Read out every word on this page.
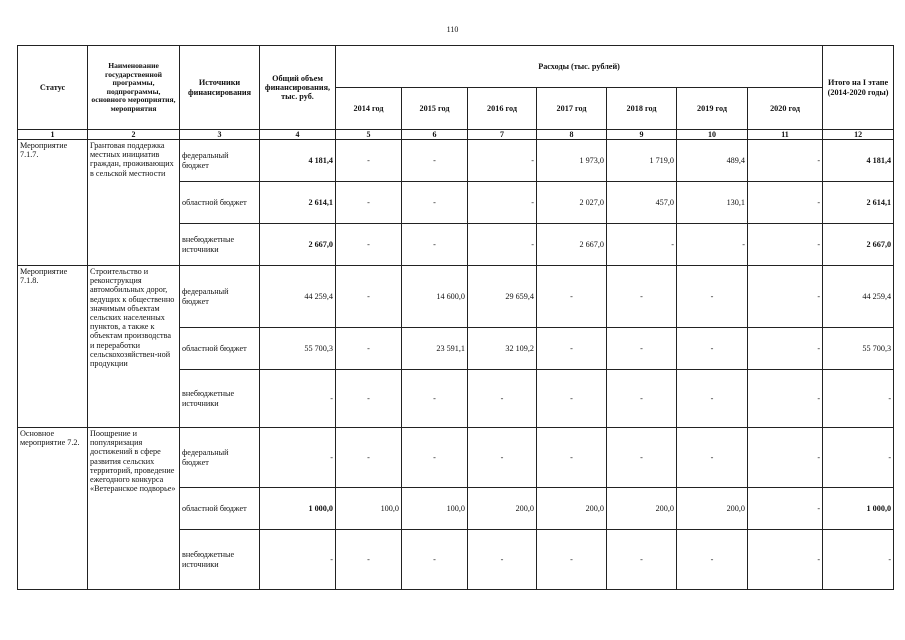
110
Статус	Наименование государственной программы, подпрограммы, основного мероприятия, мероприятия	Источники финансирования	Общий объем финансирования, тыс. руб.	Расходы (тыс. рублей)							Итого на I этапе (2014-2020 годы)
				2014 год	2015 год	2016 год	2017 год	2018 год	2019 год	2020 год	
1	2	3	4	5	6	7	8	9	10	11	12
Мероприятие 7.1.7.	Грантовая поддержка местных инициатив граждан, проживающих в сельской местности	федеральный бюджет	4 181,4	-	-	-	1 973,0	1 719,0	489,4	-	4 181,4
		областной бюджет	2 614,1	-	-	-	2 027,0	457,0	130,1	-	2 614,1
		внебюджетные источники	2 667,0	-	-	-	2 667,0	-	-	-	2 667,0
Мероприятие 7.1.8.	Строительство и реконструкция автомобильных дорог, ведущих к общественно значимым объектам сельских населенных пунктов, а также к объектам производства и переработки сельскохозяйствен-ной продукции	федеральный бюджет	44 259,4	-	14 600,0	29 659,4	-	-	-	-	44 259,4
		областной бюджет	55 700,3	-	23 591,1	32 109,2	-	-	-	-	55 700,3
		внебюджетные источники	-	-	-	-	-	-	-	-	-
Основное мероприятие 7.2.	Поощрение и популяризация достижений в сфере развития сельских территорий, проведение ежегодного конкурса «Ветеранское подворье»	федеральный бюджет	-	-	-	-	-	-	-	-	-
		областной бюджет	1 000,0	100,0	100,0	200,0	200,0	200,0	200,0	-	1 000,0
		внебюджетные источники	-	-	-	-	-	-	-	-	-
